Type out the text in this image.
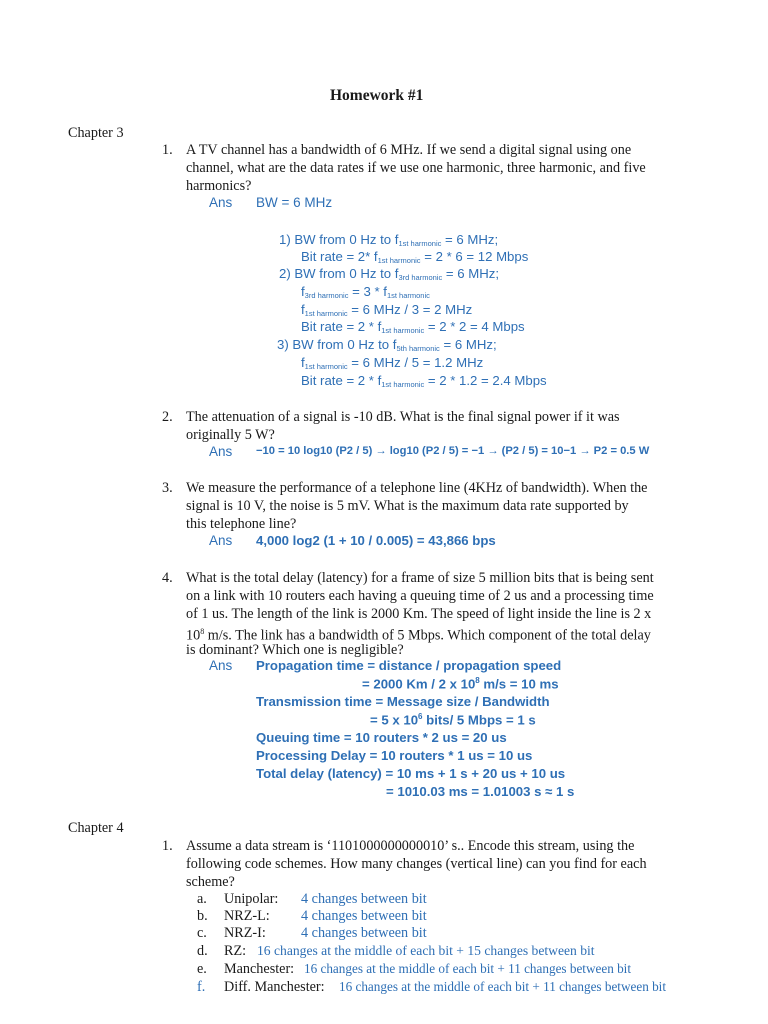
Homework #1
Chapter 3
1. A TV channel has a bandwidth of 6 MHz. If we send a digital signal using one
channel, what are the data rates if we use one harmonic, three harmonic, and five
harmonics?
Ans BW = 6 MHz
1) BW from 0 Hz to $f_{1st harmonic} = 6$ MHz;
Bit rate = 2* $f_{1st harmonic} = 2 * 6 = 12$ Mbps
2) BW from 0 Hz to $f_{3rd harmonic} = 6$ MHz;
$f_{3rd harmonic} = 3 * f_{1st harmonic}$
$f_{1st harmonic} = 6$ MHz / 3 = 2 MHz
Bit rate = $2 * f_{1st harmonic} = 2 * 2 = 4$ Mbps
3) BW from 0 Hz to $f_{5th harmonic} = 6$ MHz;
$f_{1st harmonic} = 6$ MHz / 5 = 1.2 MHz
Bit rate = $2 * f_{1st harmonic} = 2 * 1.2 = 2.4$ Mbps
2. The attenuation of a signal is -10 dB. What is the final signal power if it was
originally 5 W?
Ans −10 = 10 log10 (P2 / 5) → log10 (P2 / 5) = −1 → (P2 / 5) = 10−1 → P2 = 0.5 W
3. We measure the performance of a telephone line (4KHz of bandwidth). When the
signal is 10 V, the noise is 5 mV. What is the maximum data rate supported by
this telephone line?
Ans 4,000 log2 (1 + 10 / 0.005) = 43,866 bps
4. What is the total delay (latency) for a frame of size 5 million bits that is being sent
on a link with 10 routers each having a queuing time of 2 us and a processing time
of 1 us. The length of the link is 2000 Km. The speed of light inside the line is 2 x
$10^8$ m/s. The link has a bandwidth of 5 Mbps. Which component of the total delay
is dominant? Which one is negligible?
Ans Propagation time = distance / propagation speed
= 2000 Km / 2 x $10^8$ m/s = 10 ms
Transmission time = Message size / Bandwidth
= 5 x $10^6$ bits/ 5 Mbps = 1 s
Queuing time = 10 routers * 2 us = 20 us
Processing Delay = 10 routers * 1 us = 10 us
Total delay (latency) = 10 ms + 1 s + 20 us + 10 us
= 1010.03 ms = 1.01003 s ≈ 1 s
Chapter 4
1. Assume a data stream is ‘1101000000000010’ s.. Encode this stream, using the
following code schemes. How many changes (vertical line) can you find for each
scheme?
a. Unipolar: 4 changes between bit
b. NRZ-L: 4 changes between bit
c. NRZ-I: 4 changes between bit
d. RZ: 16 changes at the middle of each bit + 15 changes between bit
e. Manchester: 16 changes at the middle of each bit + 11 changes between bit
f. Diff. Manchester: 16 changes at the middle of each bit + 11 changes between bit
